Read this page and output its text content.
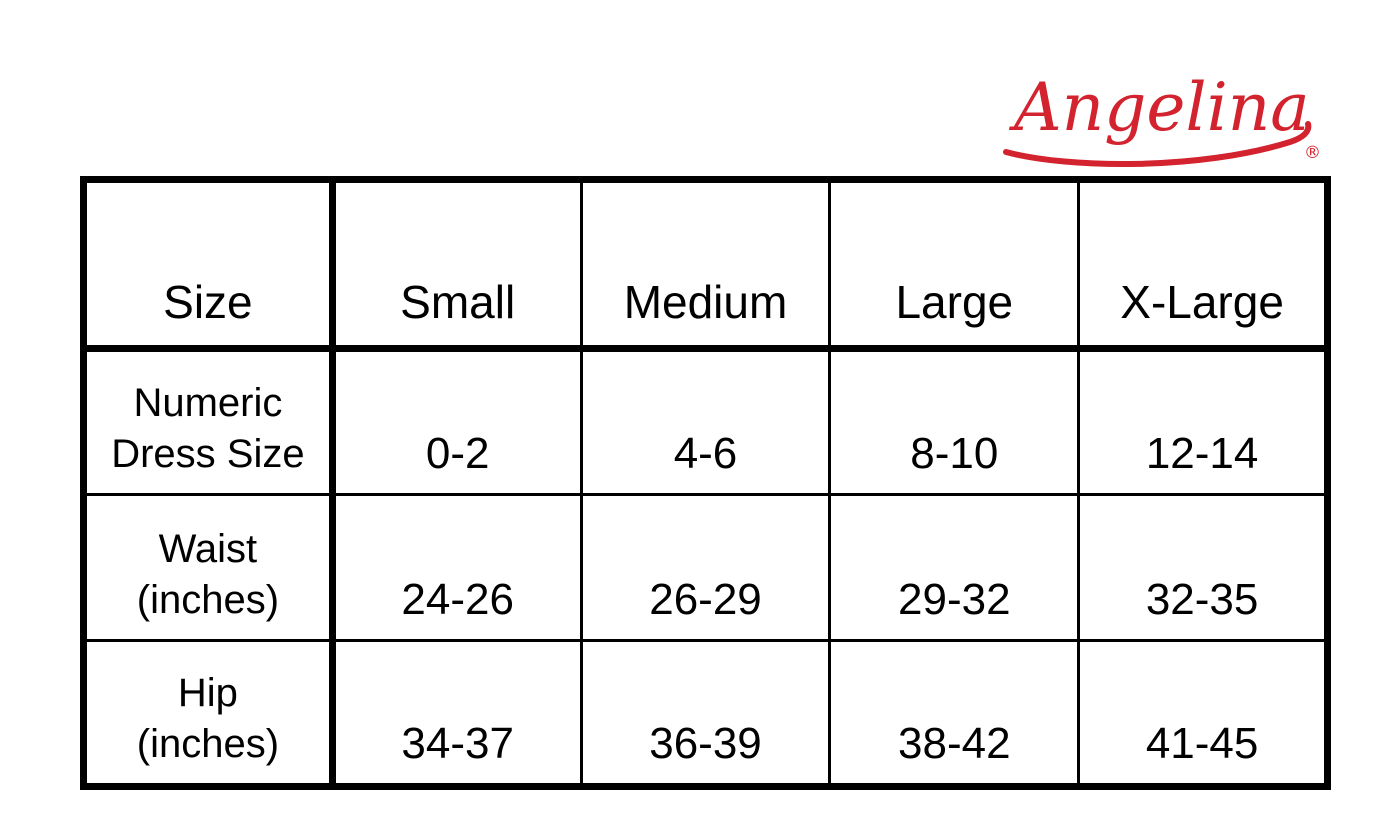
Angelina
®
Size	Small	Medium	Large	X-Large

Numeric
Dress Size	0-2	4-6	8-10	12-14

Waist
(inches)	24-26	26-29	29-32	32-35

Hip
(inches)	34-37	36-39	38-42	41-45
